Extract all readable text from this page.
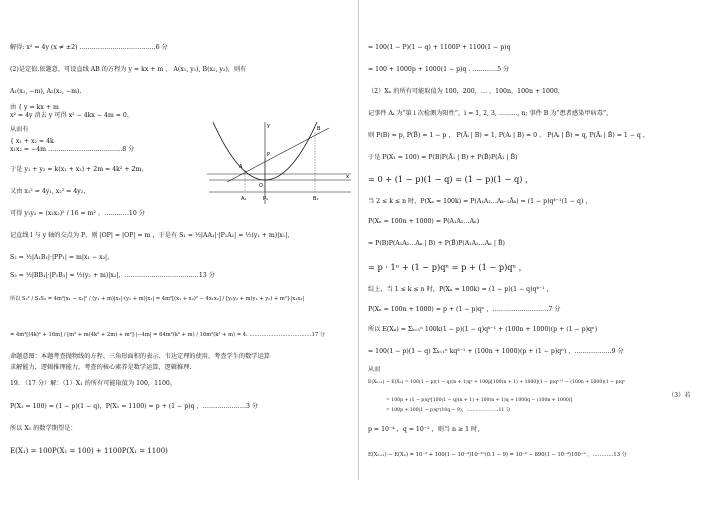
解得: x² = 4y (x ≠ ±2) .………………………………6 分
(2)是定值.依题意，可设直线 AB 的方程为 y = kx + m ， A(x₁, y₁), B(x₂, y₂)，则有
A₁(x₁, −m), A₂(x₂, −m).
由 { y = kx + m
x² = 4y 消去 y 可得 x² − 4kx − 4m = 0，
从而有
{ x₁ + x₂ = 4k
x₁x₂ = −4m ………………………………8 分
于是 y₁ + y₂ = k(x₁ + x₂) + 2m = 4k² + 2m，
又由 x₁² = 4y₁, x₂² = 4y₂，
可得 y₁y₂ = (x₁x₂)² / 16 = m² ，…………10 分
记直线 l 与 y 轴的交点为 P，则 |OP| = |OP| = m ，于是有 S₁ = ½|AA₁|·|P₁A₁| = ½(y₁ + m)|x₁|，
S₂ = ½|A₁B₁|·|PP₁| = m|x₁ − x₂|，
S₃ = ½|BB₁|·|P₁B₁| = ½(y₂ + m)|x₂|，………………………………13 分
所以 S₂² / S₁S₃ = 4m²|x₁ − x₂|² / (y₁ + m)|x₁|·(y₂ + m)|x₂| = 4m²[(x₁ + x₂)² − 4x₁x₂] / [y₁y₂ + m(y₁ + y₂) + m²]·|x₁x₂|
= 4m²[(4k)² + 16m] / [m² + m(4k² + 2m) + m²]·|−4m| = 64m²(k² + m) / 16m²(k² + m) = 4. ………………………………17 分
命题意图：本题考查抛物线的方程、三角形面积的表示、韦达定理的使用，考查学生的数学运算
求解能力，逻辑推理能力，考查的核心素养是数学运算，逻辑推理.
19. （17 分）解：（1）X₁ 的所有可能取值为 100，1100。
P(X₁ = 100) = (1 − p)(1 − q)，P(X₁ = 1100) = p + (1 − p)q ，…………………3 分
所以 X₁ 的数学期望是：
E(X₁) = 100P(X₁ = 100) + 1100P(X₁ = 1100)
y	B
A
P
O
x
A₁	P₁	B₁
= 100(1 − P)(1 − q) + 1100P + 1100(1 − p)q
= 100 + 1000p + 1000(1 − p)q . …………5 分
（2）Xₙ 的所有可能取值为 100，200，… ，100n，100n + 1000，
记事件 Aᵢ 为“第 i 次检测为阳性”，i = 1, 2, 3, ………, n; 事件 B 为“患者感染甲病毒”，
则 P(B) = p, P(B̄) = 1 − p ， P(Āᵢ | B) = 1, P(Aᵢ | B) = 0 ， P(Aᵢ | B̄) = q, P(Āᵢ | B̄) = 1 − q ，
于是 P(X₁ = 100) = P(B)P(Ā₁ | B) + P(B̄)P(Ā₁ | B̄)
= 0 + (1 − p)(1 − q) = (1 − p)(1 − q) ，
当 2 ≤ k ≤ n 时，P(Xₙ = 100k) = P(A₁A₂…Aₖ₋₁Āₖ) = (1 − p)qᵏ⁻¹(1 − q) ，
P(Xₙ = 100n + 1000) = P(A₁A₂…Aₙ)
= P(B)P(A₁A₂…Aₙ | B) + P(B̄)P(A₁A₂…Aₙ | B̄)
= p · 1ⁿ + (1 − p)qⁿ = p + (1 − p)qⁿ ，
综上，当 1 ≤ k ≤ n 时，P(Xₙ = 100k) = (1 − p)(1 − q)qᵏ⁻¹ ，
P(Xₙ = 100n + 1000) = p + (1 − p)qⁿ ，………………………7 分
所以 E(Xₙ) = Σₖ₌₁ⁿ 100k(1 − p)(1 − q)qᵏ⁻¹ + (100n + 1000)(p + (1 − p)qⁿ)
= 100(1 − p)(1 − q) Σₖ₌₁ⁿ kqᵏ⁻¹ + (100n + 1000)(p + (1 − p)qⁿ) ，………………9 分
从而
E(Xₙ₊₁) − E(Xₙ) = 100(1 − p)(1 − q)(n + 1)qⁿ + 100p[100(n + 1) + 1000](1 − p)qⁿ⁺¹ − (100n + 1000)(1 − p)qⁿ
（3）若
= 100p + (1 − p)qⁿ[100(1 − q)(n + 1) + 100(n + 1)q + 1000q − (100n + 1000)]
= 100p + 100(1 − p)qⁿ(10q − 9)，…………………11 分
p = 10⁻⁴ ，q = 10⁻² ，则当 n ≥ 1 时，
E(Xₙ₊₁) − E(Xₙ) = 10⁻² + 100(1 − 10⁻⁴)10⁻²ⁿ(0.1 − 9) = 10⁻² − 890(1 − 10⁻⁴)100⁻ⁿ ，…………13 分
